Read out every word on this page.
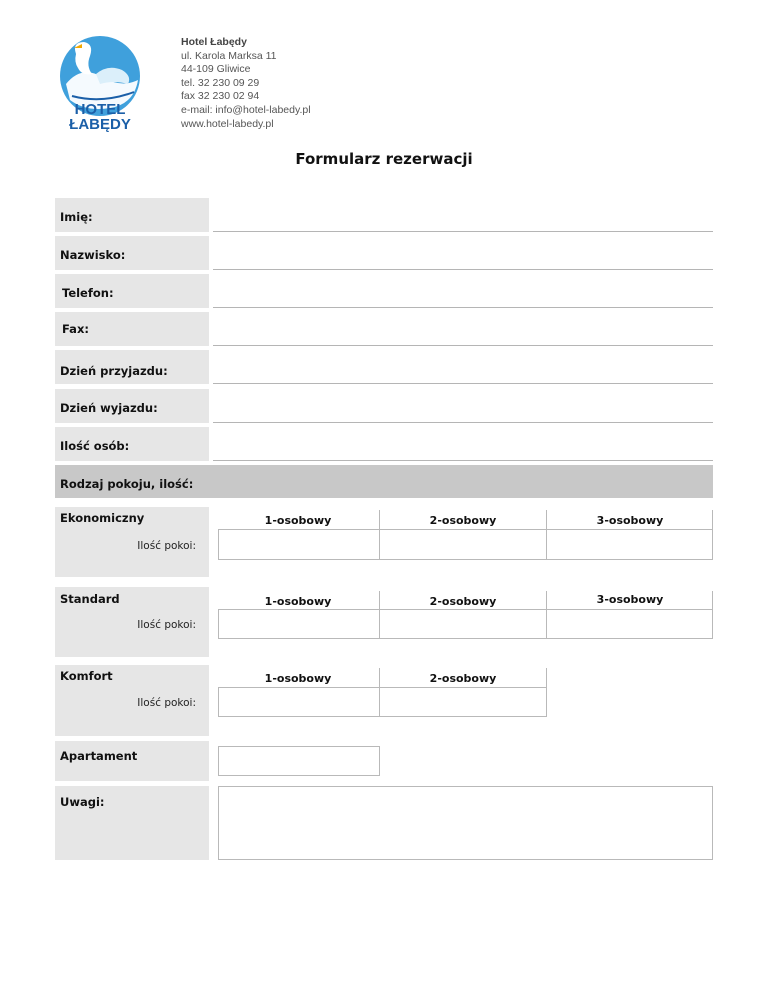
HOTEL
ŁABĘDY
Hotel Łabędy
ul. Karola Marksa 11
44-109 Gliwice
tel. 32 230 09 29
fax 32 230 02 94
e-mail: info@hotel-labedy.pl
www.hotel-labedy.pl
Formularz rezerwacji
Imię:
Nazwisko:
Telefon:
Fax:
Dzień przyjazdu:
Dzień wyjazdu:
Ilość osób:
Rodzaj pokoju, ilość:
Ekonomiczny
Ilość pokoi:
1-osobowy	2-osobowy	3-osobowy
Standard
Ilość pokoi:
1-osobowy	2-osobowy	3-osobowy
Komfort
Ilość pokoi:
1-osobowy	2-osobowy
Apartament
Uwagi:
